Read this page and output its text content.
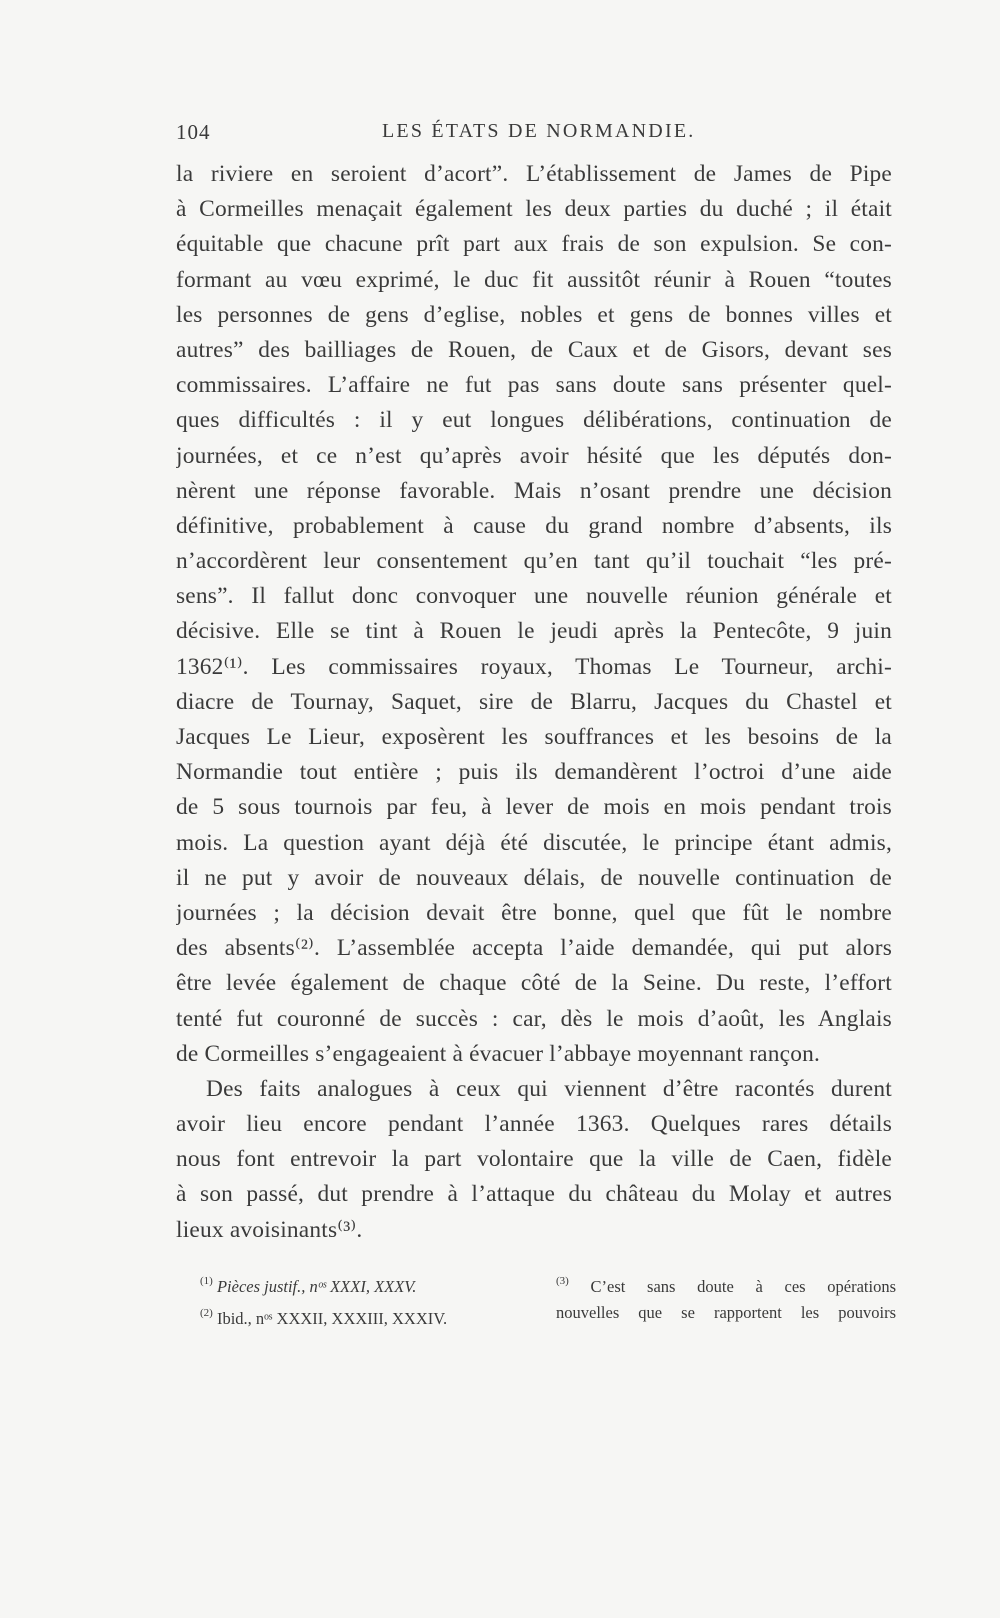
104	LES ÉTATS DE NORMANDIE.
la riviere en seroient d’acort”. L’établissement de James de Pipe
à Cormeilles menaçait également les deux parties du duché ; il était
équitable que chacune prît part aux frais de son expulsion. Se con-
formant au vœu exprimé, le duc fit aussitôt réunir à Rouen “toutes
les personnes de gens d’eglise, nobles et gens de bonnes villes et
autres” des bailliages de Rouen, de Caux et de Gisors, devant ses
commissaires. L’affaire ne fut pas sans doute sans présenter quel-
ques difficultés : il y eut longues délibérations, continuation de
journées, et ce n’est qu’après avoir hésité que les députés don-
nèrent une réponse favorable. Mais n’osant prendre une décision
définitive, probablement à cause du grand nombre d’absents, ils
n’accordèrent leur consentement qu’en tant qu’il touchait “les pré-
sens”. Il fallut donc convoquer une nouvelle réunion générale et
décisive. Elle se tint à Rouen le jeudi après la Pentecôte, 9 juin
1362⁽¹⁾. Les commissaires royaux, Thomas Le Tourneur, archi-
diacre de Tournay, Saquet, sire de Blarru, Jacques du Chastel et
Jacques Le Lieur, exposèrent les souffrances et les besoins de la
Normandie tout entière ; puis ils demandèrent l’octroi d’une aide
de 5 sous tournois par feu, à lever de mois en mois pendant trois
mois. La question ayant déjà été discutée, le principe étant admis,
il ne put y avoir de nouveaux délais, de nouvelle continuation de
journées ; la décision devait être bonne, quel que fût le nombre
des absents⁽²⁾. L’assemblée accepta l’aide demandée, qui put alors
être levée également de chaque côté de la Seine. Du reste, l’effort
tenté fut couronné de succès : car, dès le mois d’août, les Anglais
de Cormeilles s’engageaient à évacuer l’abbaye moyennant rançon.
Des faits analogues à ceux qui viennent d’être racontés durent
avoir lieu encore pendant l’année 1363. Quelques rares détails
nous font entrevoir la part volontaire que la ville de Caen, fidèle
à son passé, dut prendre à l’attaque du château du Molay et autres
lieux avoisinants⁽³⁾.
$^{(1)}$ Pièces justif., nᵒˢ XXXI, XXXV.
$^{(2)}$ Ibid., nᵒˢ XXXII, XXXIII, XXXIV.
$^{(3)}$ C’est sans doute à ces opérations
nouvelles que se rapportent les pouvoirs
